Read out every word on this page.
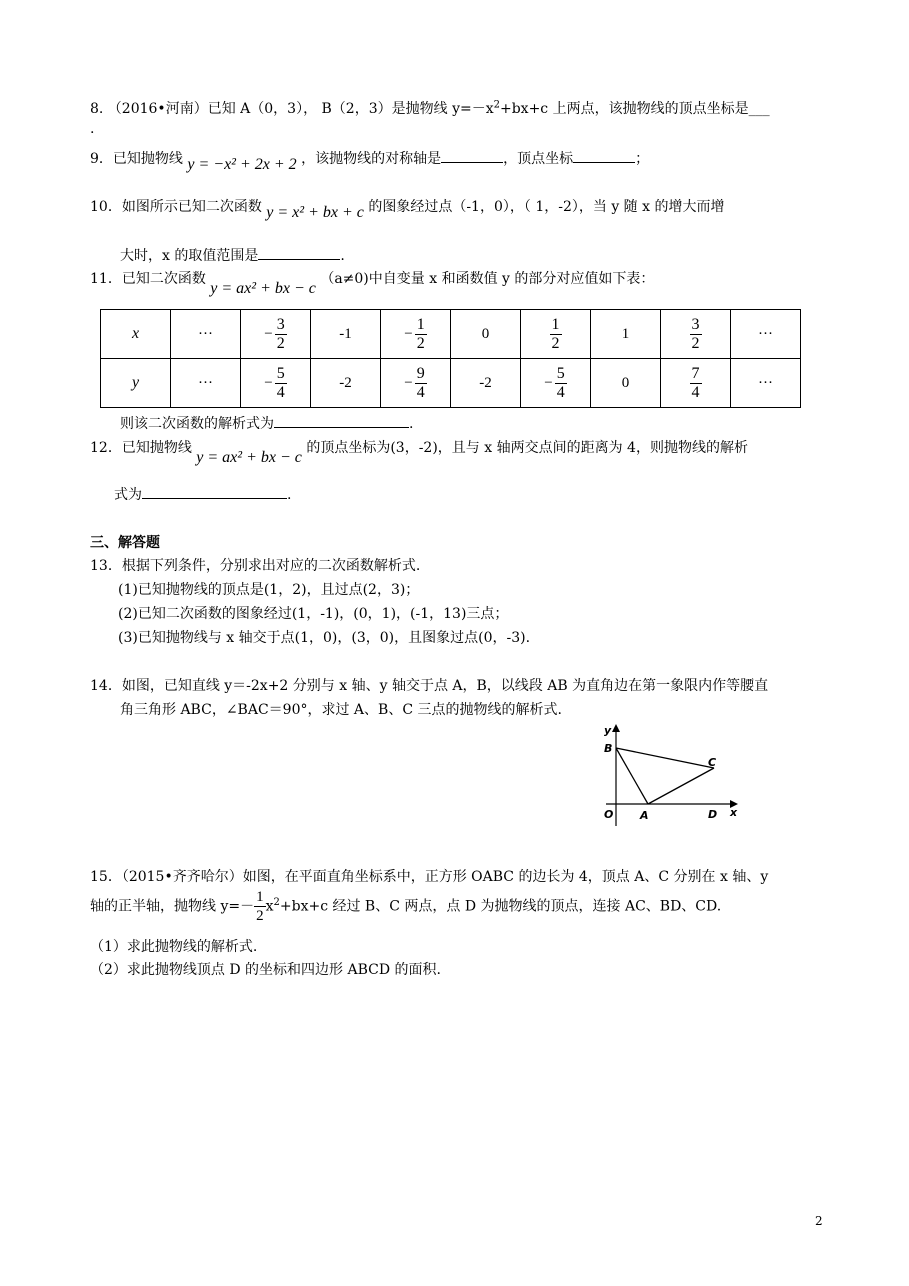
8. （2016•河南）已知 A（0，3）， B（2，3）是抛物线 $y=-x^2+bx+c$ 上两点，该抛物线的顶点坐标是___
.
9．已知抛物线 y = −x² + 2x + 2 ，该抛物线的对称轴是	，顶点坐标	；
10．如图所示已知二次函数 y = x² + bx + c 的图象经过点（-1，0），（ 1，-2），当 y 随 x 的增大而增
大时，x 的取值范围是	.
11．已知二次函数 y = ax² + bx − c （a≠0)中自变量 x 和函数值 y 的部分对应值如下表：
x	···	− $\frac{3}{2}$	-1	− $\frac{1}{2}$	0	$\frac{1}{2}$	1	$\frac{3}{2}$	···
y	···	− $\frac{5}{4}$	-2	− $\frac{9}{4}$	-2	− $\frac{5}{4}$	0	$\frac{7}{4}$	···
则该二次函数的解析式为	.
12．已知抛物线 y = ax² + bx − c 的顶点坐标为(3，-2)，且与 x 轴两交点间的距离为 4，则抛物线的解析
式为	.
三、解答题
13．根据下列条件，分别求出对应的二次函数解析式.
(1)已知抛物线的顶点是(1，2)，且过点(2，3)；
(2)已知二次函数的图象经过(1，-1)，(0，1)，(-1，13)三点；
(3)已知抛物线与 x 轴交于点(1，0)，(3，0)，且图象过点(0，-3).
14．如图，已知直线 y＝-2x+2 分别与 x 轴、y 轴交于点 A，B，以线段 AB 为直角边在第一象限内作等腰直
角三角形 ABC，∠BAC＝90°，求过 A、B、C 三点的抛物线的解析式.
y
x
B
C
O A	D
15．（2015•齐齐哈尔）如图，在平面直角坐标系中，正方形 OABC 的边长为 4，顶点 A、C 分别在 x 轴、y
轴的正半轴，抛物线 $y=- \frac{1}{2} x^2+bx+c$ 经过 B、C 两点，点 D 为抛物线的顶点，连接 AC、BD、CD.
（1）求此抛物线的解析式.
（2）求此抛物线顶点 D 的坐标和四边形 ABCD 的面积.
2
